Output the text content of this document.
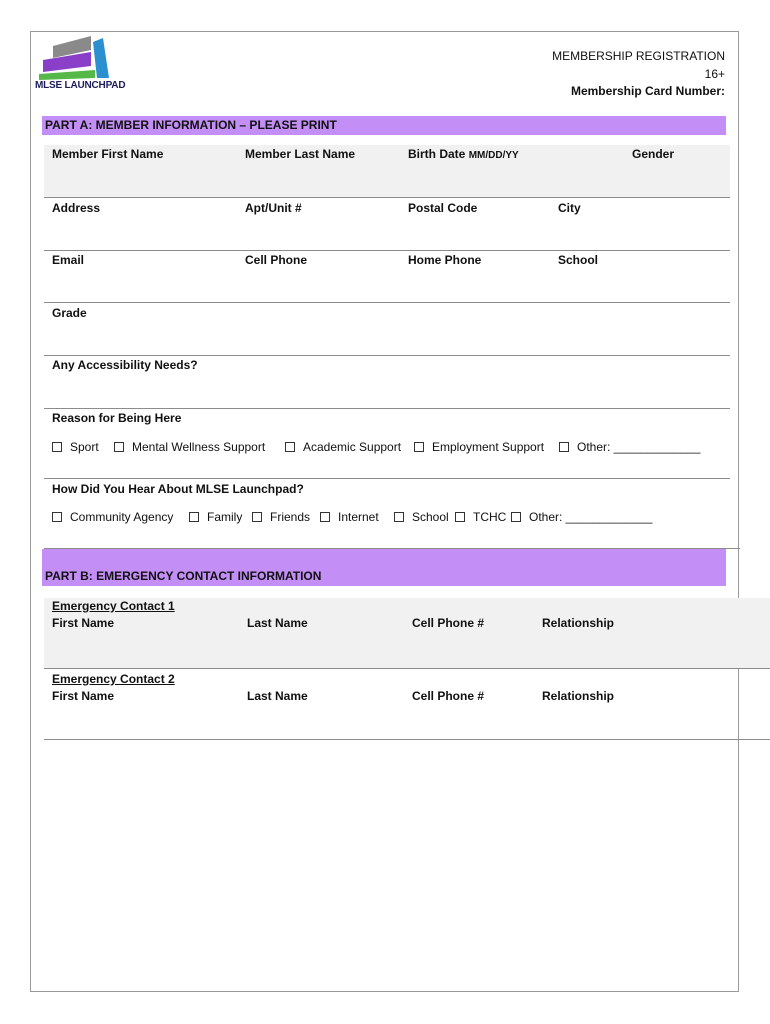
MLSE LAUNCHPAD
MEMBERSHIP REGISTRATION
16+
Membership Card Number:
PART A: MEMBER INFORMATION – PLEASE PRINT
Member First Name	Member Last Name	Birth Date MM/DD/YY	Gender
Address	Apt/Unit #	Postal Code	City
Email	Cell Phone	Home Phone	School
Grade
Any Accessibility Needs?
Reason for Being Here
Sport	Mental Wellness Support	Academic Support	Employment Support	Other: _____________
How Did You Hear About MLSE Launchpad?
Community Agency	Family Friends Internet	School TCHC Other: _____________
PART B: EMERGENCY CONTACT INFORMATION
Emergency Contact 1
First Name	Last Name	Cell Phone #	Relationship
Emergency Contact 2
First Name	Last Name	Cell Phone #	Relationship
